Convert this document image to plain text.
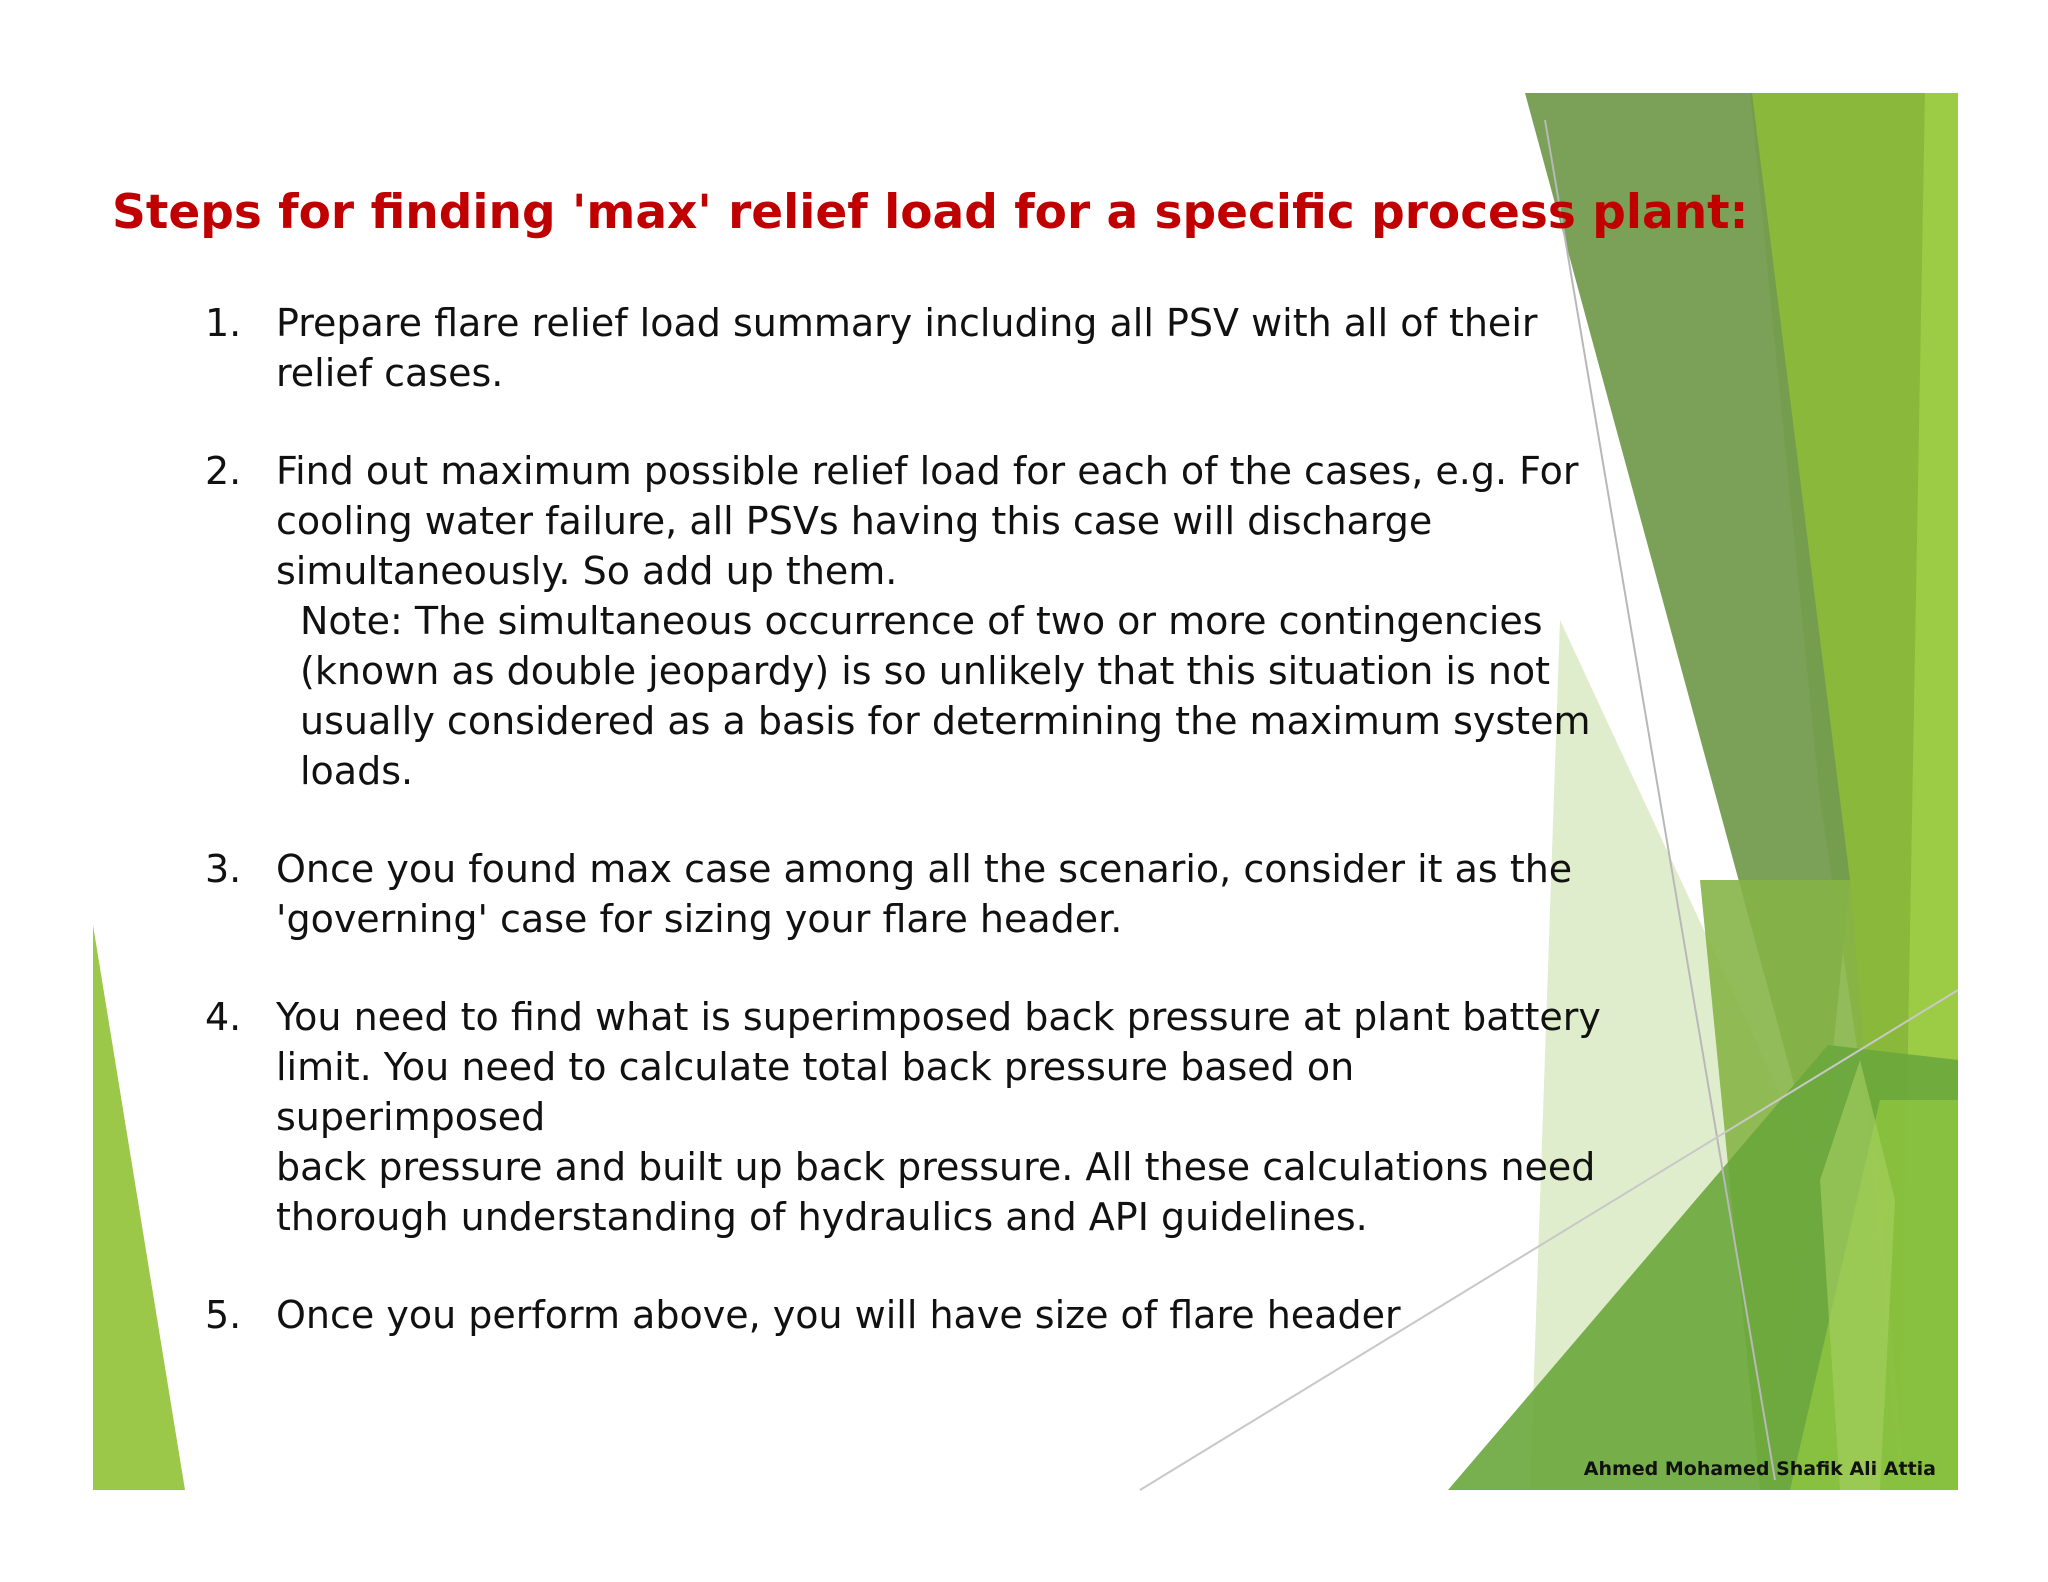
Steps for finding 'max' relief load for a specific process plant:
1. Prepare flare relief load summary including all PSV with all of their
relief cases.
2. Find out maximum possible relief load for each of the cases, e.g. For
cooling water failure, all PSVs having this case will discharge
simultaneously. So add up them.
Note: The simultaneous occurrence of two or more contingencies
(known as double jeopardy) is so unlikely that this situation is not
usually considered as a basis for determining the maximum system
loads.
3. Once you found max case among all the scenario, consider it as the
'governing' case for sizing your flare header.
4. You need to find what is superimposed back pressure at plant battery
limit. You need to calculate total back pressure based on superimposed
back pressure and built up back pressure. All these calculations need
thorough understanding of hydraulics and API guidelines.
5. Once you perform above, you will have size of flare header
Ahmed Mohamed Shafik Ali Attia
